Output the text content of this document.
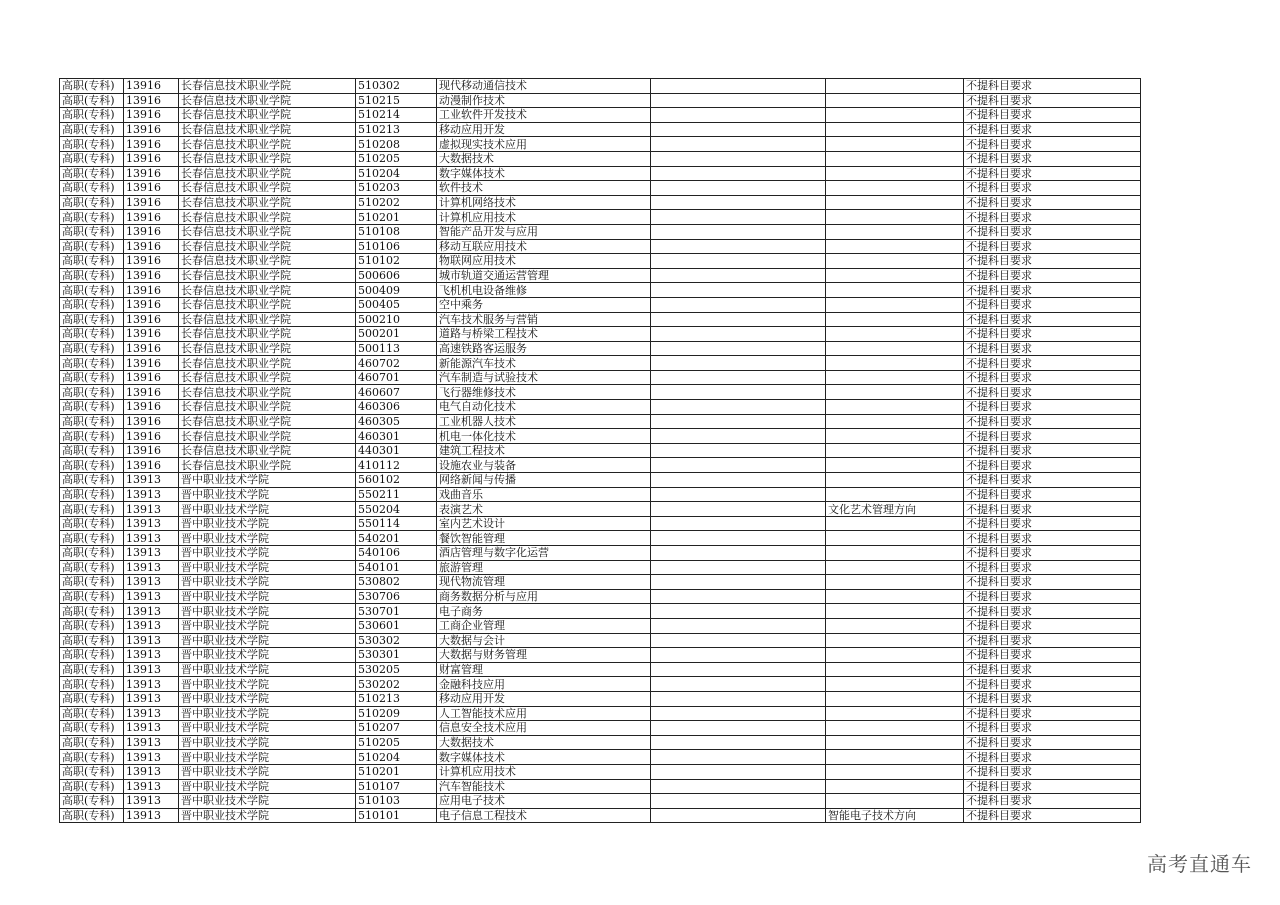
高职(专科)	13916	长春信息技术职业学院	510302	现代移动通信技术			不提科目要求
高职(专科)	13916	长春信息技术职业学院	510215	动漫制作技术			不提科目要求
高职(专科)	13916	长春信息技术职业学院	510214	工业软件开发技术			不提科目要求
高职(专科)	13916	长春信息技术职业学院	510213	移动应用开发			不提科目要求
高职(专科)	13916	长春信息技术职业学院	510208	虚拟现实技术应用			不提科目要求
高职(专科)	13916	长春信息技术职业学院	510205	大数据技术			不提科目要求
高职(专科)	13916	长春信息技术职业学院	510204	数字媒体技术			不提科目要求
高职(专科)	13916	长春信息技术职业学院	510203	软件技术			不提科目要求
高职(专科)	13916	长春信息技术职业学院	510202	计算机网络技术			不提科目要求
高职(专科)	13916	长春信息技术职业学院	510201	计算机应用技术			不提科目要求
高职(专科)	13916	长春信息技术职业学院	510108	智能产品开发与应用			不提科目要求
高职(专科)	13916	长春信息技术职业学院	510106	移动互联应用技术			不提科目要求
高职(专科)	13916	长春信息技术职业学院	510102	物联网应用技术			不提科目要求
高职(专科)	13916	长春信息技术职业学院	500606	城市轨道交通运营管理			不提科目要求
高职(专科)	13916	长春信息技术职业学院	500409	飞机机电设备维修			不提科目要求
高职(专科)	13916	长春信息技术职业学院	500405	空中乘务			不提科目要求
高职(专科)	13916	长春信息技术职业学院	500210	汽车技术服务与营销			不提科目要求
高职(专科)	13916	长春信息技术职业学院	500201	道路与桥梁工程技术			不提科目要求
高职(专科)	13916	长春信息技术职业学院	500113	高速铁路客运服务			不提科目要求
高职(专科)	13916	长春信息技术职业学院	460702	新能源汽车技术			不提科目要求
高职(专科)	13916	长春信息技术职业学院	460701	汽车制造与试验技术			不提科目要求
高职(专科)	13916	长春信息技术职业学院	460607	飞行器维修技术			不提科目要求
高职(专科)	13916	长春信息技术职业学院	460306	电气自动化技术			不提科目要求
高职(专科)	13916	长春信息技术职业学院	460305	工业机器人技术			不提科目要求
高职(专科)	13916	长春信息技术职业学院	460301	机电一体化技术			不提科目要求
高职(专科)	13916	长春信息技术职业学院	440301	建筑工程技术			不提科目要求
高职(专科)	13916	长春信息技术职业学院	410112	设施农业与装备			不提科目要求
高职(专科)	13913	晋中职业技术学院	560102	网络新闻与传播			不提科目要求
高职(专科)	13913	晋中职业技术学院	550211	戏曲音乐			不提科目要求
高职(专科)	13913	晋中职业技术学院	550204	表演艺术		文化艺术管理方向	不提科目要求
高职(专科)	13913	晋中职业技术学院	550114	室内艺术设计			不提科目要求
高职(专科)	13913	晋中职业技术学院	540201	餐饮智能管理			不提科目要求
高职(专科)	13913	晋中职业技术学院	540106	酒店管理与数字化运营			不提科目要求
高职(专科)	13913	晋中职业技术学院	540101	旅游管理			不提科目要求
高职(专科)	13913	晋中职业技术学院	530802	现代物流管理			不提科目要求
高职(专科)	13913	晋中职业技术学院	530706	商务数据分析与应用			不提科目要求
高职(专科)	13913	晋中职业技术学院	530701	电子商务			不提科目要求
高职(专科)	13913	晋中职业技术学院	530601	工商企业管理			不提科目要求
高职(专科)	13913	晋中职业技术学院	530302	大数据与会计			不提科目要求
高职(专科)	13913	晋中职业技术学院	530301	大数据与财务管理			不提科目要求
高职(专科)	13913	晋中职业技术学院	530205	财富管理			不提科目要求
高职(专科)	13913	晋中职业技术学院	530202	金融科技应用			不提科目要求
高职(专科)	13913	晋中职业技术学院	510213	移动应用开发			不提科目要求
高职(专科)	13913	晋中职业技术学院	510209	人工智能技术应用			不提科目要求
高职(专科)	13913	晋中职业技术学院	510207	信息安全技术应用			不提科目要求
高职(专科)	13913	晋中职业技术学院	510205	大数据技术			不提科目要求
高职(专科)	13913	晋中职业技术学院	510204	数字媒体技术			不提科目要求
高职(专科)	13913	晋中职业技术学院	510201	计算机应用技术			不提科目要求
高职(专科)	13913	晋中职业技术学院	510107	汽车智能技术			不提科目要求
高职(专科)	13913	晋中职业技术学院	510103	应用电子技术			不提科目要求
高职(专科)	13913	晋中职业技术学院	510101	电子信息工程技术		智能电子技术方向	不提科目要求
高考直通车
